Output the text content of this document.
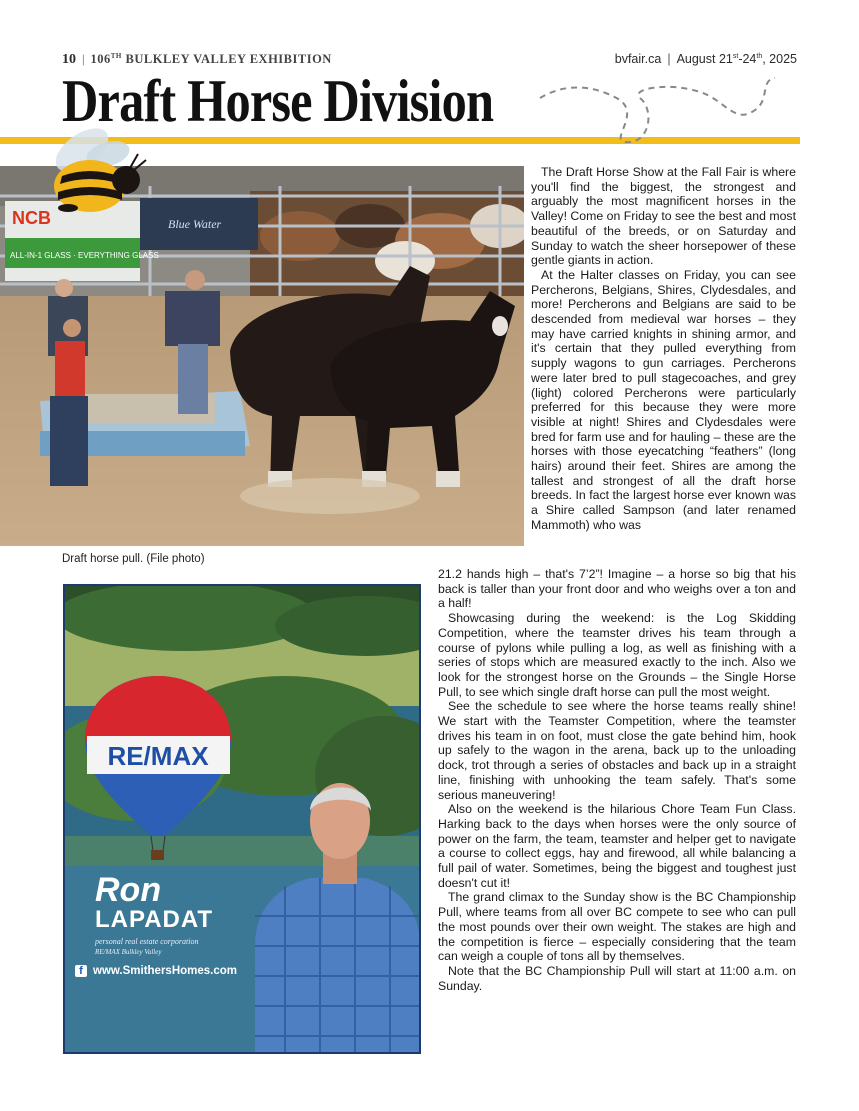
10 | 106TH BULKLEY VALLEY EXHIBITION	bvfair.ca | August 21st-24th, 2025
Draft Horse Division
NCB
ALL-IN-1 GLASS · EVERYTHING GLASS
Blue Water

Draft horse pull. (File photo)

RE/MAX

Ron

LAPADAT

personal real estate corporation

RE/MAX Bulkley Valley

f www.SmithersHomes.com

The Draft Horse Show at the Fall Fair is where you'll find the biggest, the strongest and arguably the most magnificent horses in the Valley! Come on Friday to see the best and most beautiful of the breeds, or on Saturday and Sunday to watch the sheer horsepower of these gentle giants in action.

At the Halter classes on Friday, you can see Percherons, Belgians, Shires, Clydesdales, and more! Percherons and Belgians are said to be descended from medieval war horses – they may have carried knights in shining armor, and it's certain that they pulled everything from supply wagons to gun carriages. Percherons were later bred to pull stagecoaches, and grey (light) colored Percherons were particularly preferred for this because they were more visible at night! Shires and Clydesdales were bred for farm use and for hauling – these are the horses with those eyecatching “feathers” (long hairs) around their feet. Shires are among the tallest and strongest of all the draft horse breeds. In fact the largest horse ever known was a Shire called Sampson (and later renamed Mammoth) who was

21.2 hands high – that's 7’2”! Imagine – a horse so big that his back is taller than your front door and who weighs over a ton and a half!

Showcasing during the weekend: is the Log Skidding Competition, where the teamster drives his team through a course of pylons while pulling a log, as well as finishing with a series of stops which are measured exactly to the inch. Also we look for the strongest horse on the Grounds – the Single Horse Pull, to see which single draft horse can pull the most weight.

See the schedule to see where the horse teams really shine! We start with the Teamster Competition, where the teamster drives his team in on foot, must close the gate behind him, hook up safely to the wagon in the arena, back up to the unloading dock, trot through a series of obstacles and back up in a straight line, finishing with unhooking the team safely. That's some serious maneuvering!

Also on the weekend is the hilarious Chore Team Fun Class. Harking back to the days when horses were the only source of power on the farm, the team, teamster and helper get to navigate a course to collect eggs, hay and firewood, all while balancing a full pail of water. Sometimes, being the biggest and toughest just doesn't cut it!

The grand climax to the Sunday show is the BC Championship Pull, where teams from all over BC compete to see who can pull the most pounds over their own weight. The stakes are high and the competition is fierce – especially considering that the team can weigh a couple of tons all by themselves.

Note that the BC Championship Pull will start at 11:00 a.m. on Sunday.
